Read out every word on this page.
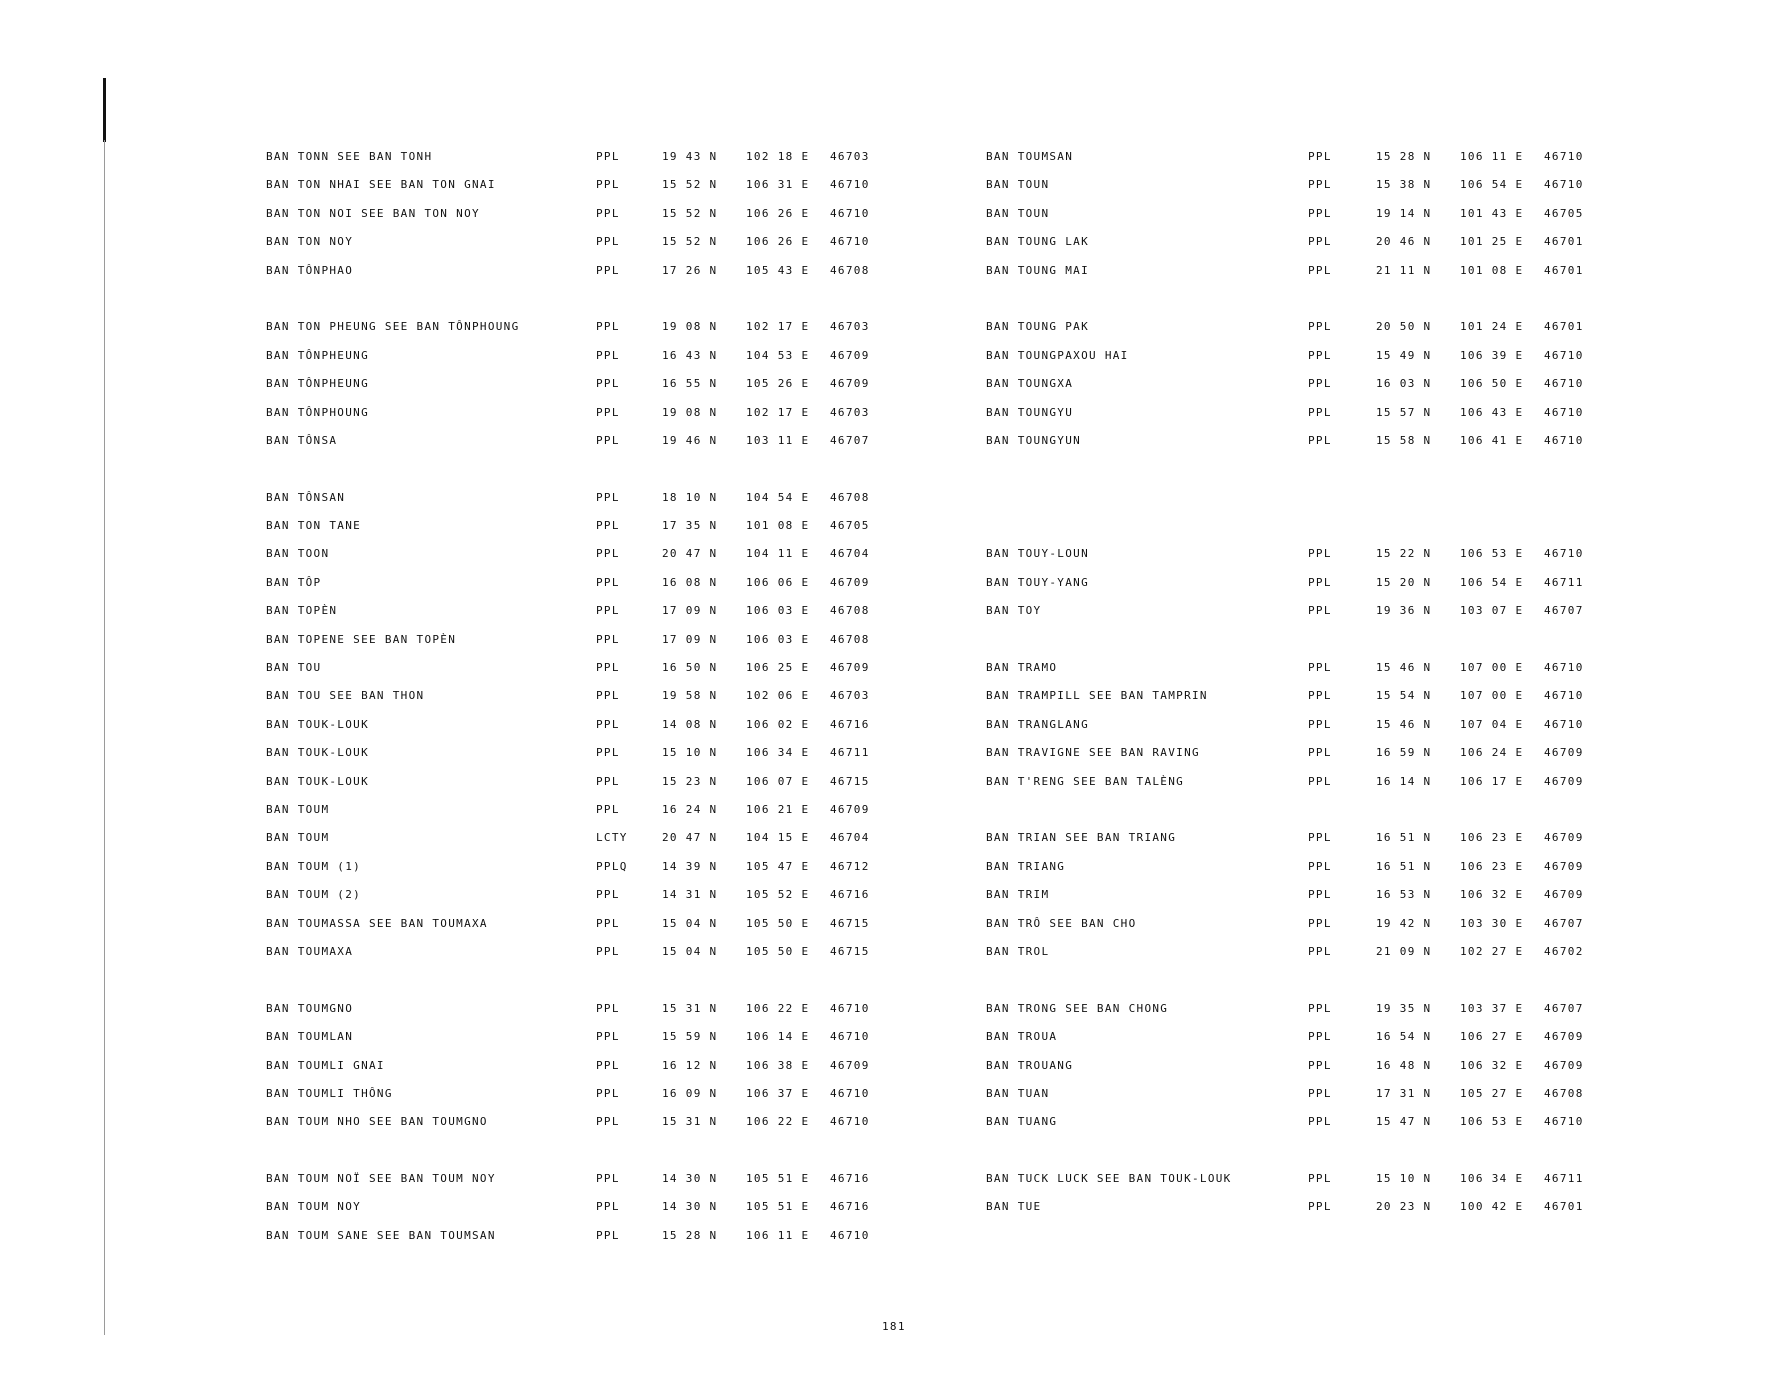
BAN TONN SEE BAN TONH	PPL	19 43 N	102 18 E 46703
BAN TON NHAI SEE BAN TON GNAI	PPL	15 52 N	106 31 E 46710
BAN TON NOI SEE BAN TON NOY	PPL	15 52 N	106 26 E 46710
BAN TON NOY	PPL	15 52 N	106 26 E 46710
BAN TÔNPHAO	PPL	17 26 N	105 43 E 46708
BAN TON PHEUNG SEE BAN TÔNPHOUNG	PPL	19 08 N	102 17 E 46703
BAN TÔNPHEUNG	PPL	16 43 N	104 53 E 46709
BAN TÔNPHEUNG	PPL	16 55 N	105 26 E 46709
BAN TÔNPHOUNG	PPL	19 08 N	102 17 E 46703
BAN TÔNSA	PPL	19 46 N	103 11 E 46707
BAN TÔNSAN	PPL	18 10 N	104 54 E 46708
BAN TON TANE	PPL	17 35 N	101 08 E 46705
BAN TOON	PPL	20 47 N	104 11 E 46704
BAN TÔP	PPL	16 08 N	106 06 E 46709
BAN TOPÈN	PPL	17 09 N	106 03 E 46708
BAN TOPENE SEE BAN TOPÈN	PPL	17 09 N	106 03 E 46708
BAN TOU	PPL	16 50 N	106 25 E 46709
BAN TOU SEE BAN THON	PPL	19 58 N	102 06 E 46703
BAN TOUK-LOUK	PPL	14 08 N	106 02 E 46716
BAN TOUK-LOUK	PPL	15 10 N	106 34 E 46711
BAN TOUK-LOUK	PPL	15 23 N	106 07 E 46715
BAN TOUM	PPL	16 24 N	106 21 E 46709
BAN TOUM	LCTY	20 47 N	104 15 E 46704
BAN TOUM (1)	PPLQ	14 39 N	105 47 E 46712
BAN TOUM (2)	PPL	14 31 N	105 52 E 46716
BAN TOUMASSA SEE BAN TOUMAXA	PPL	15 04 N	105 50 E 46715
BAN TOUMAXA	PPL	15 04 N	105 50 E 46715
BAN TOUMGNO	PPL	15 31 N	106 22 E 46710
BAN TOUMLAN	PPL	15 59 N	106 14 E 46710
BAN TOUMLI GNAI	PPL	16 12 N	106 38 E 46709
BAN TOUMLI THÔNG	PPL	16 09 N	106 37 E 46710
BAN TOUM NHO SEE BAN TOUMGNO	PPL	15 31 N	106 22 E 46710
BAN TOUM NOÏ SEE BAN TOUM NOY	PPL	14 30 N	105 51 E 46716
BAN TOUM NOY	PPL	14 30 N	105 51 E 46716
BAN TOUM SANE SEE BAN TOUMSAN	PPL	15 28 N	106 11 E 46710
BAN TOUMSAN	PPL	15 28 N	106 11 E 46710
BAN TOUN	PPL	15 38 N	106 54 E 46710
BAN TOUN	PPL	19 14 N	101 43 E 46705
BAN TOUNG LAK	PPL	20 46 N	101 25 E 46701
BAN TOUNG MAI	PPL	21 11 N	101 08 E 46701
BAN TOUNG PAK	PPL	20 50 N	101 24 E 46701
BAN TOUNGPAXOU HAI	PPL	15 49 N	106 39 E 46710
BAN TOUNGXA	PPL	16 03 N	106 50 E 46710
BAN TOUNGYU	PPL	15 57 N	106 43 E 46710
BAN TOUNGYUN	PPL	15 58 N	106 41 E 46710
BAN TOUY-LOUN	PPL	15 22 N	106 53 E 46710
BAN TOUY-YANG	PPL	15 20 N	106 54 E 46711
BAN TOY	PPL	19 36 N	103 07 E 46707
BAN TRAMO	PPL	15 46 N	107 00 E 46710
BAN TRAMPILL SEE BAN TAMPRIN	PPL	15 54 N	107 00 E 46710
BAN TRANGLANG	PPL	15 46 N	107 04 E 46710
BAN TRAVIGNE SEE BAN RAVING	PPL	16 59 N	106 24 E 46709
BAN T'RENG SEE BAN TALÈNG	PPL	16 14 N	106 17 E 46709
BAN TRIAN SEE BAN TRIANG	PPL	16 51 N	106 23 E 46709
BAN TRIANG	PPL	16 51 N	106 23 E 46709
BAN TRIM	PPL	16 53 N	106 32 E 46709
BAN TRÔ SEE BAN CHO	PPL	19 42 N	103 30 E 46707
BAN TROL	PPL	21 09 N	102 27 E 46702
BAN TRONG SEE BAN CHONG	PPL	19 35 N	103 37 E 46707
BAN TROUA	PPL	16 54 N	106 27 E 46709
BAN TROUANG	PPL	16 48 N	106 32 E 46709
BAN TUAN	PPL	17 31 N	105 27 E 46708
BAN TUANG	PPL	15 47 N	106 53 E 46710
BAN TUCK LUCK SEE BAN TOUK-LOUK	PPL	15 10 N	106 34 E 46711
BAN TUE	PPL	20 23 N	100 42 E 46701
181
